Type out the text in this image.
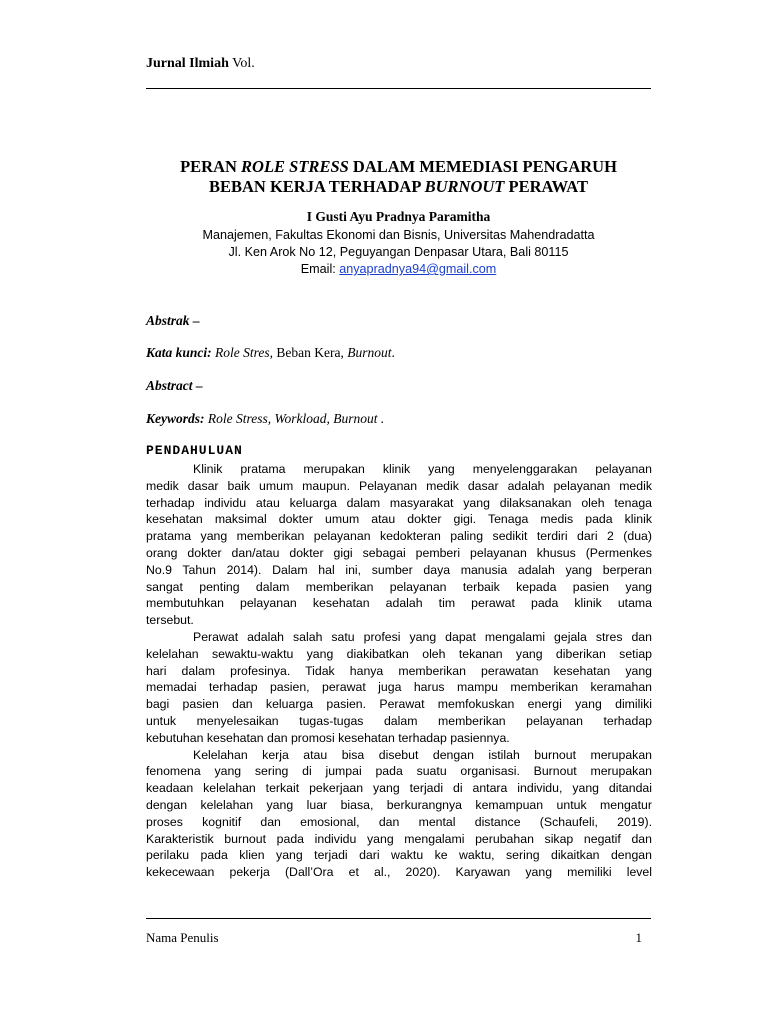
Jurnal Ilmiah Vol.
PERAN ROLE STRESS DALAM MEMEDIASI PENGARUH
BEBAN KERJA TERHADAP BURNOUT PERAWAT
I Gusti Ayu Pradnya Paramitha
Manajemen, Fakultas Ekonomi dan Bisnis, Universitas Mahendradatta
Jl. Ken Arok No 12, Peguyangan Denpasar Utara, Bali 80115
Email: anyapradnya94@gmail.com
Abstrak –
Kata kunci: Role Stres, Beban Kera, Burnout.
Abstract –
Keywords: Role Stress, Workload, Burnout .
PENDAHULUAN
Klinik pratama merupakan klinik yang menyelenggarakan pelayanan
medik dasar baik umum maupun. Pelayanan medik dasar adalah pelayanan medik
terhadap individu atau keluarga dalam masyarakat yang dilaksanakan oleh tenaga
kesehatan maksimal dokter umum atau dokter gigi. Tenaga medis pada klinik
pratama yang memberikan pelayanan kedokteran paling sedikit terdiri dari 2 (dua)
orang dokter dan/atau dokter gigi sebagai pemberi pelayanan khusus (Permenkes
No.9 Tahun 2014). Dalam hal ini, sumber daya manusia adalah yang berperan
sangat penting dalam memberikan pelayanan terbaik kepada pasien yang
membutuhkan pelayanan kesehatan adalah tim perawat pada klinik utama
tersebut.
Perawat adalah salah satu profesi yang dapat mengalami gejala stres dan
kelelahan sewaktu-waktu yang diakibatkan oleh tekanan yang diberikan setiap
hari dalam profesinya. Tidak hanya memberikan perawatan kesehatan yang
memadai terhadap pasien, perawat juga harus mampu memberikan keramahan
bagi pasien dan keluarga pasien. Perawat memfokuskan energi yang dimiliki
untuk menyelesaikan tugas-tugas dalam memberikan pelayanan terhadap
kebutuhan kesehatan dan promosi kesehatan terhadap pasiennya.
Kelelahan kerja atau bisa disebut dengan istilah burnout merupakan
fenomena yang sering di jumpai pada suatu organisasi. Burnout merupakan
keadaan kelelahan terkait pekerjaan yang terjadi di antara individu, yang ditandai
dengan kelelahan yang luar biasa, berkurangnya kemampuan untuk mengatur
proses kognitif dan emosional, dan mental distance (Schaufeli, 2019).
Karakteristik burnout pada individu yang mengalami perubahan sikap negatif dan
perilaku pada klien yang terjadi dari waktu ke waktu, sering dikaitkan dengan
kekecewaan pekerja (Dall’Ora et al., 2020). Karyawan yang memiliki level
Nama Penulis	1
